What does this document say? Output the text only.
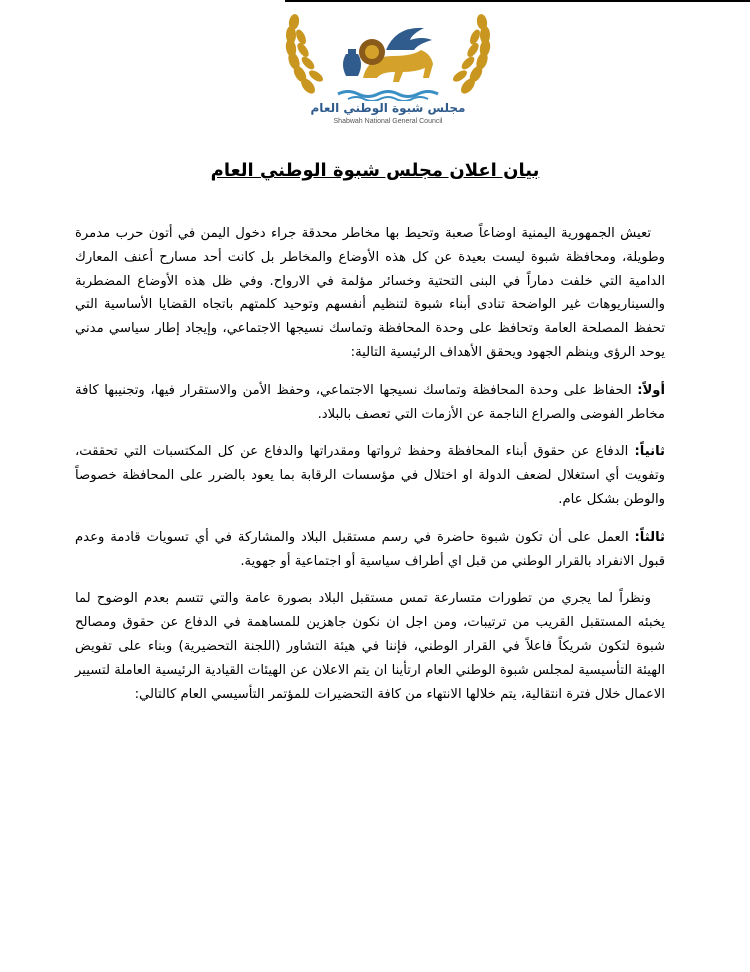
مجلس شبوة الوطني العام
Shabwah National General Council
بيان اعلان مجلس شبوة الوطني العام

تعيش الجمهورية اليمنية اوضاعاً صعبة وتحيط بها مخاطر محدقة جراء دخول اليمن في أتون حرب مدمرة وطويلة، ومحافظة شبوة ليست بعيدة عن كل هذه الأوضاع والمخاطر بل كانت أحد مسارح أعنف المعارك الدامية التي خلفت دماراً في البنى التحتية وخسائر مؤلمة في الارواح. وفي ظل هذه الأوضاع المضطربة والسيناريوهات غير الواضحة تنادى أبناء شبوة لتنظيم أنفسهم وتوحيد كلمتهم باتجاه القضايا الأساسية التي تحفظ المصلحة العامة وتحافظ على وحدة المحافظة وتماسك نسيجها الاجتماعي، وإيجاد إطار سياسي مدني يوحد الرؤى وينظم الجهود ويحقق الأهداف الرئيسية التالية:

أولاً: الحفاظ على وحدة المحافظة وتماسك نسيجها الاجتماعي، وحفظ الأمن والاستقرار فيها، وتجنيبها كافة مخاطر الفوضى والصراع الناجمة عن الأزمات التي تعصف بالبلاد.

ثانياً: الدفاع عن حقوق أبناء المحافظة وحفظ ثرواتها ومقدراتها والدفاع عن كل المكتسبات التي تحققت، وتفويت أي استغلال لضعف الدولة او اختلال في مؤسسات الرقابة بما يعود بالضرر على المحافظة خصوصاً والوطن بشكل عام.

ثالثاً: العمل على أن تكون شبوة حاضرة في رسم مستقبل البلاد والمشاركة في أي تسويات قادمة وعدم قبول الانفراد بالقرار الوطني من قبل اي أطراف سياسية أو اجتماعية أو جهوية.

ونظراً لما يجري من تطورات متسارعة تمس مستقبل البلاد بصورة عامة والتي تتسم بعدم الوضوح لما يخبئه المستقبل القريب من ترتيبات، ومن اجل ان نكون جاهزين للمساهمة في الدفاع عن حقوق ومصالح شبوة لتكون شريكاً فاعلاً في القرار الوطني، فإننا في هيئة التشاور (اللجنة التحضيرية) وبناء على تفويض الهيئة التأسيسية لمجلس شبوة الوطني العام ارتأينا ان يتم الاعلان عن الهيئات القيادية الرئيسية العاملة لتسيير الاعمال خلال فترة انتقالية، يتم خلالها الانتهاء من كافة التحضيرات للمؤتمر التأسيسي العام كالتالي:
